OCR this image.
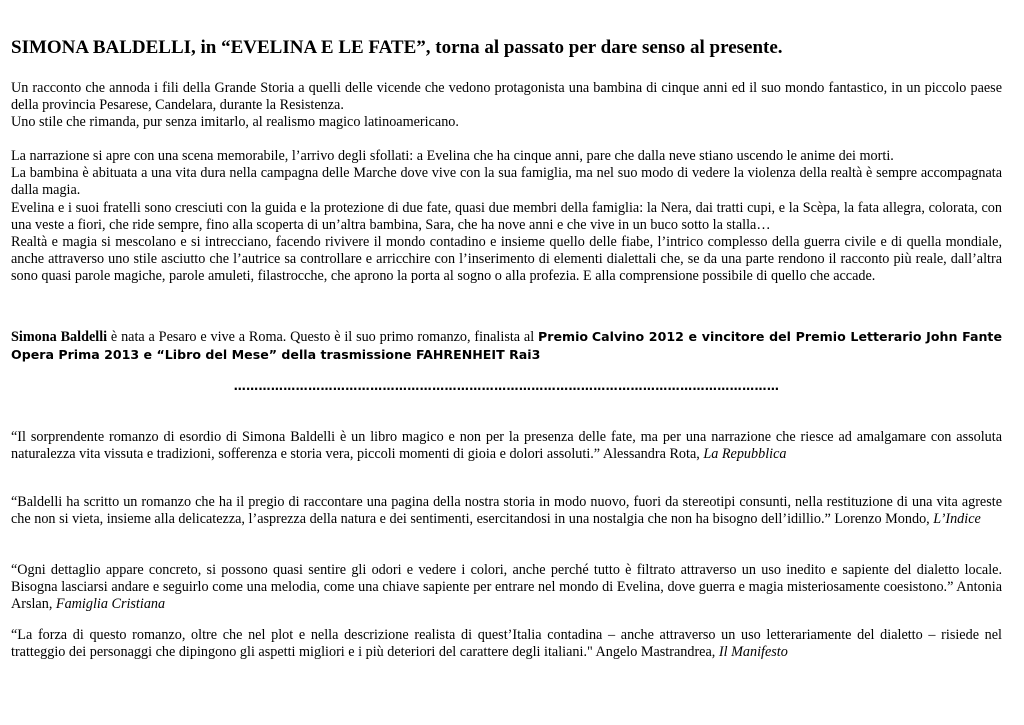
SIMONA BALDELLI, in “EVELINA E LE FATE”, torna al passato per dare senso al presente.

Un racconto che annoda i fili della Grande Storia a quelli delle vicende che vedono protagonista una bambina di cinque anni ed il suo mondo fantastico, in un piccolo paese della provincia Pesarese, Candelara, durante la Resistenza.
Uno stile che rimanda, pur senza imitarlo, al realismo magico latinoamericano.

La narrazione si apre con una scena memorabile, l’arrivo degli sfollati: a Evelina che ha cinque anni, pare che dalla neve stiano uscendo le anime dei morti.
La bambina è abituata a una vita dura nella campagna delle Marche dove vive con la sua famiglia, ma nel suo modo di vedere la violenza della realtà è sempre accompagnata dalla magia.
Evelina e i suoi fratelli sono cresciuti con la guida e la protezione di due fate, quasi due membri della famiglia: la Nera, dai tratti cupi, e la Scèpa, la fata allegra, colorata, con una veste a fiori, che ride sempre, fino alla scoperta di un’altra bambina, Sara, che ha nove anni e che vive in un buco sotto la stalla…
Realtà e magia si mescolano e si intrecciano, facendo rivivere il mondo contadino e insieme quello delle fiabe, l’intrico complesso della guerra civile e di quella mondiale, anche attraverso uno stile asciutto che l’autrice sa controllare e arricchire con l’inserimento di elementi dialettali che, se da una parte rendono il racconto più reale, dall’altra sono quasi parole magiche, parole amuleti, filastrocche, che aprono la porta al sogno o alla profezia. E alla comprensione possibile di quello che accade.

Simona Baldelli è nata a Pesaro e vive a Roma. Questo è il suo primo romanzo, finalista al Premio Calvino 2012 e vincitore del Premio Letterario John Fante Opera Prima 2013 e “Libro del Mese” della trasmissione FAHRENHEIT Rai3

……………………………………………………………………………………………………………………

“Il sorprendente romanzo di esordio di Simona Baldelli è un libro magico e non per la presenza delle fate, ma per una narrazione che riesce ad amalgamare con assoluta naturalezza vita vissuta e tradizioni, sofferenza e storia vera, piccoli momenti di gioia e dolori assoluti.” Alessandra Rota, La Repubblica

“Baldelli ha scritto un romanzo che ha il pregio di raccontare una pagina della nostra storia in modo nuovo, fuori da stereotipi consunti, nella restituzione di una vita agreste che non si vieta, insieme alla delicatezza, l’asprezza della natura e dei sentimenti, esercitandosi in una nostalgia che non ha bisogno dell’idillio.” Lorenzo Mondo, L’Indice

“Ogni dettaglio appare concreto, si possono quasi sentire gli odori e vedere i colori, anche perché tutto è filtrato attraverso un uso inedito e sapiente del dialetto locale. Bisogna lasciarsi andare e seguirlo come una melodia, come una chiave sapiente per entrare nel mondo di Evelina, dove guerra e magia misteriosamente coesistono.” Antonia Arslan, Famiglia Cristiana

“La forza di questo romanzo, oltre che nel plot e nella descrizione realista di quest’Italia contadina – anche attraverso un uso letterariamente del dialetto – risiede nel tratteggio dei personaggi che dipingono gli aspetti migliori e i più deteriori del carattere degli italiani." Angelo Mastrandrea, Il Manifesto
